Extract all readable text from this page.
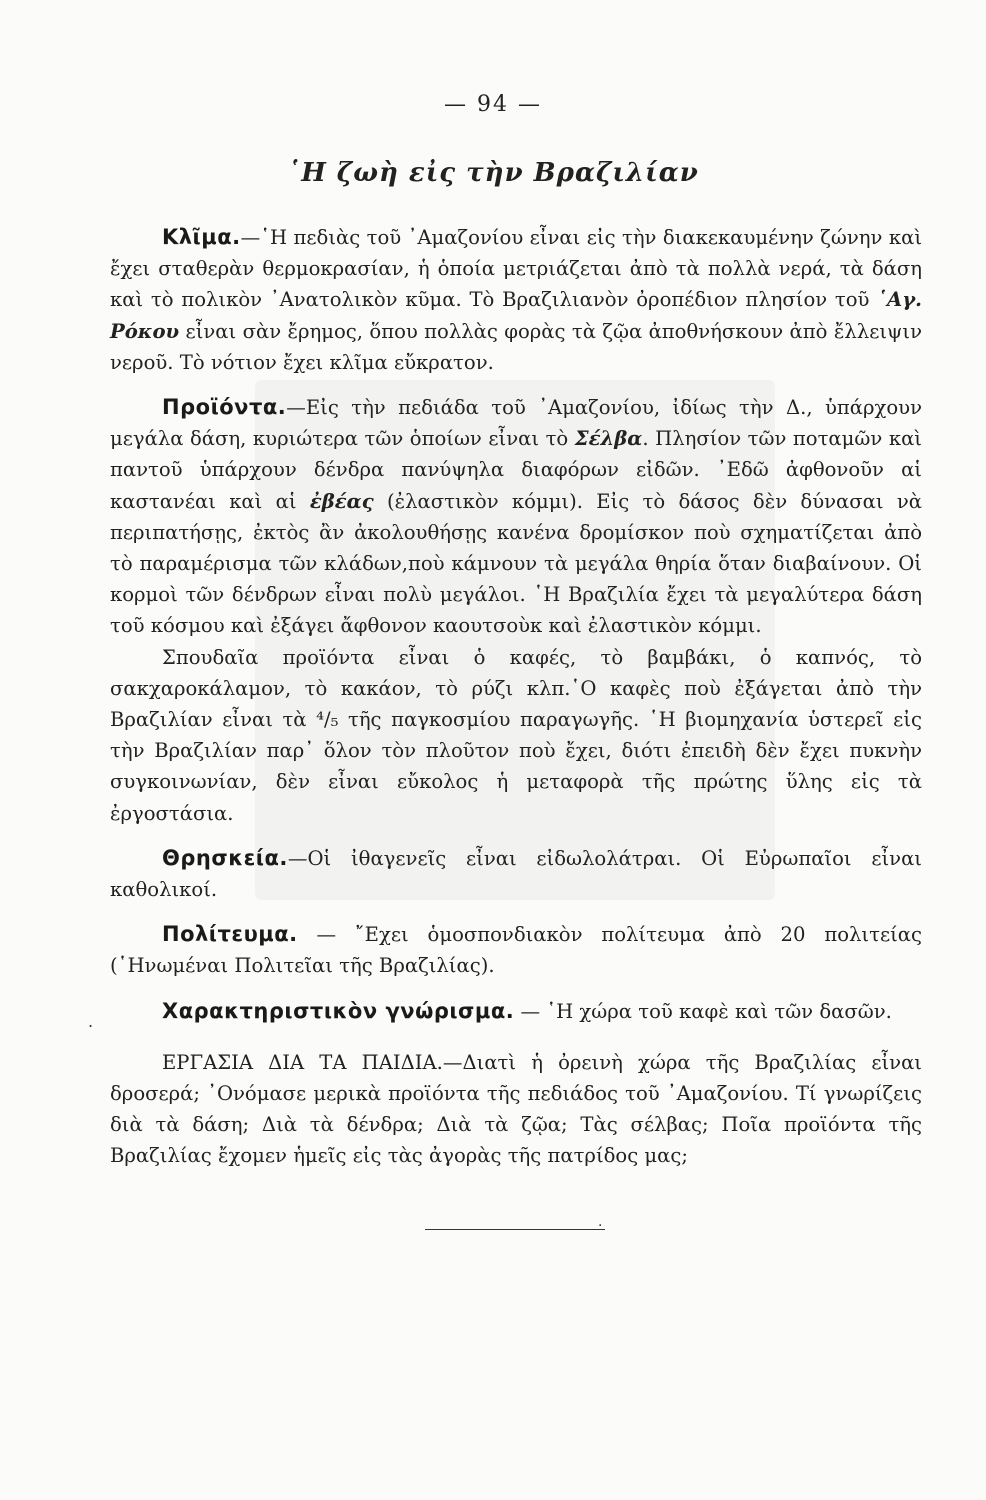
— 94 —
῾Η ζωὴ εἰς τὴν Βραζιλίαν

Κλῖμα.—῾Η πεδιὰς τοῦ ᾿Αμαζονίου εἶναι εἰς τὴν διακεκαυμένην ζώνην καὶ ἔχει σταθερὰν θερμοκρασίαν, ἡ ὁποία μετριάζεται ἀπὸ τὰ πολλὰ νερά, τὰ δάση καὶ τὸ πολικὸν ᾿Ανατολικὸν κῦμα. Τὸ Βραζιλιανὸν ὀροπέδιον πλησίον τοῦ ῾Αγ. Ρόκου εἶναι σὰν ἔρημος, ὅπου πολλὰς φορὰς τὰ ζῷα ἀποθνήσκουν ἀπὸ ἔλλειψιν νεροῦ. Τὸ νότιον ἔχει κλῖμα εὔκρατον.

Προϊόντα.—Εἰς τὴν πεδιάδα τοῦ ᾿Αμαζονίου, ἰδίως τὴν Δ., ὑπάρχουν μεγάλα δάση, κυριώτερα τῶν ὁποίων εἶναι τὸ Σέλβα. Πλησίον τῶν ποταμῶν καὶ παντοῦ ὑπάρχουν δένδρα πανύψηλα διαφόρων εἰδῶν. ᾿Εδῶ ἀφθονοῦν αἱ καστανέαι καὶ αἱ ἐβέας (ἐλαστικὸν κόμμι). Εἰς τὸ δάσος δὲν δύνασαι νὰ περιπατήσῃς, ἐκτὸς ἂν ἀκολουθήσῃς κανένα δρομίσκον ποὺ σχηματίζεται ἀπὸ τὸ παραμέρισμα τῶν κλάδων,ποὺ κάμνουν τὰ μεγάλα θηρία ὅταν διαβαίνουν. Οἱ κορμοὶ τῶν δένδρων εἶναι πολὺ μεγάλοι. ῾Η Βραζιλία ἔχει τὰ μεγαλύτερα δάση τοῦ κόσμου καὶ ἐξάγει ἄφθονον καουτσοὺκ καὶ ἐλαστικὸν κόμμι.

Σπουδαῖα προϊόντα εἶναι ὁ καφές, τὸ βαμβάκι, ὁ καπνός, τὸ σακχαροκάλαμον, τὸ κακάον, τὸ ρύζι κλπ.῾Ο καφὲς ποὺ ἐξάγεται ἀπὸ τὴν Βραζιλίαν εἶναι τὰ ⁴/₅ τῆς παγκοσμίου παραγωγῆς. ῾Η βιομηχανία ὑστερεῖ εἰς τὴν Βραζιλίαν παρ᾿ ὅλον τὸν πλοῦτον ποὺ ἔχει, διότι ἐπειδὴ δὲν ἔχει πυκνὴν συγκοινωνίαν, δὲν εἶναι εὔκολος ἡ μεταφορὰ τῆς πρώτης ὕλης εἰς τὰ ἐργοστάσια.

Θρησκεία.—Οἱ ἰθαγενεῖς εἶναι εἰδωλολάτραι. Οἱ Εὐρωπαῖοι εἶναι καθολικοί.

Πολίτευμα. — ῎Εχει ὁμοσπονδιακὸν πολίτευμα ἀπὸ 20 πολιτείας (῾Ηνωμέναι Πολιτεῖαι τῆς Βραζιλίας).

Χαρακτηριστικὸν γνώρισμα. — ῾Η χώρα τοῦ καφὲ καὶ τῶν δασῶν.

ΕΡΓΑΣΙΑ ΔΙΑ ΤΑ ΠΑΙΔΙΑ.—Διατὶ ἡ ὀρεινὴ χώρα τῆς Βραζιλίας εἶναι δροσερά; ᾿Ονόμασε μερικὰ προϊόντα τῆς πεδιάδος τοῦ ᾿Αμαζονίου. Τί γνωρίζεις διὰ τὰ δάση; Διὰ τὰ δένδρα; Διὰ τὰ ζῷα; Τὰς σέλβας; Ποῖα προϊόντα τῆς Βραζιλίας ἔχομεν ἡμεῖς εἰς τὰς ἀγορὰς τῆς πατρίδος μας;

.
·
